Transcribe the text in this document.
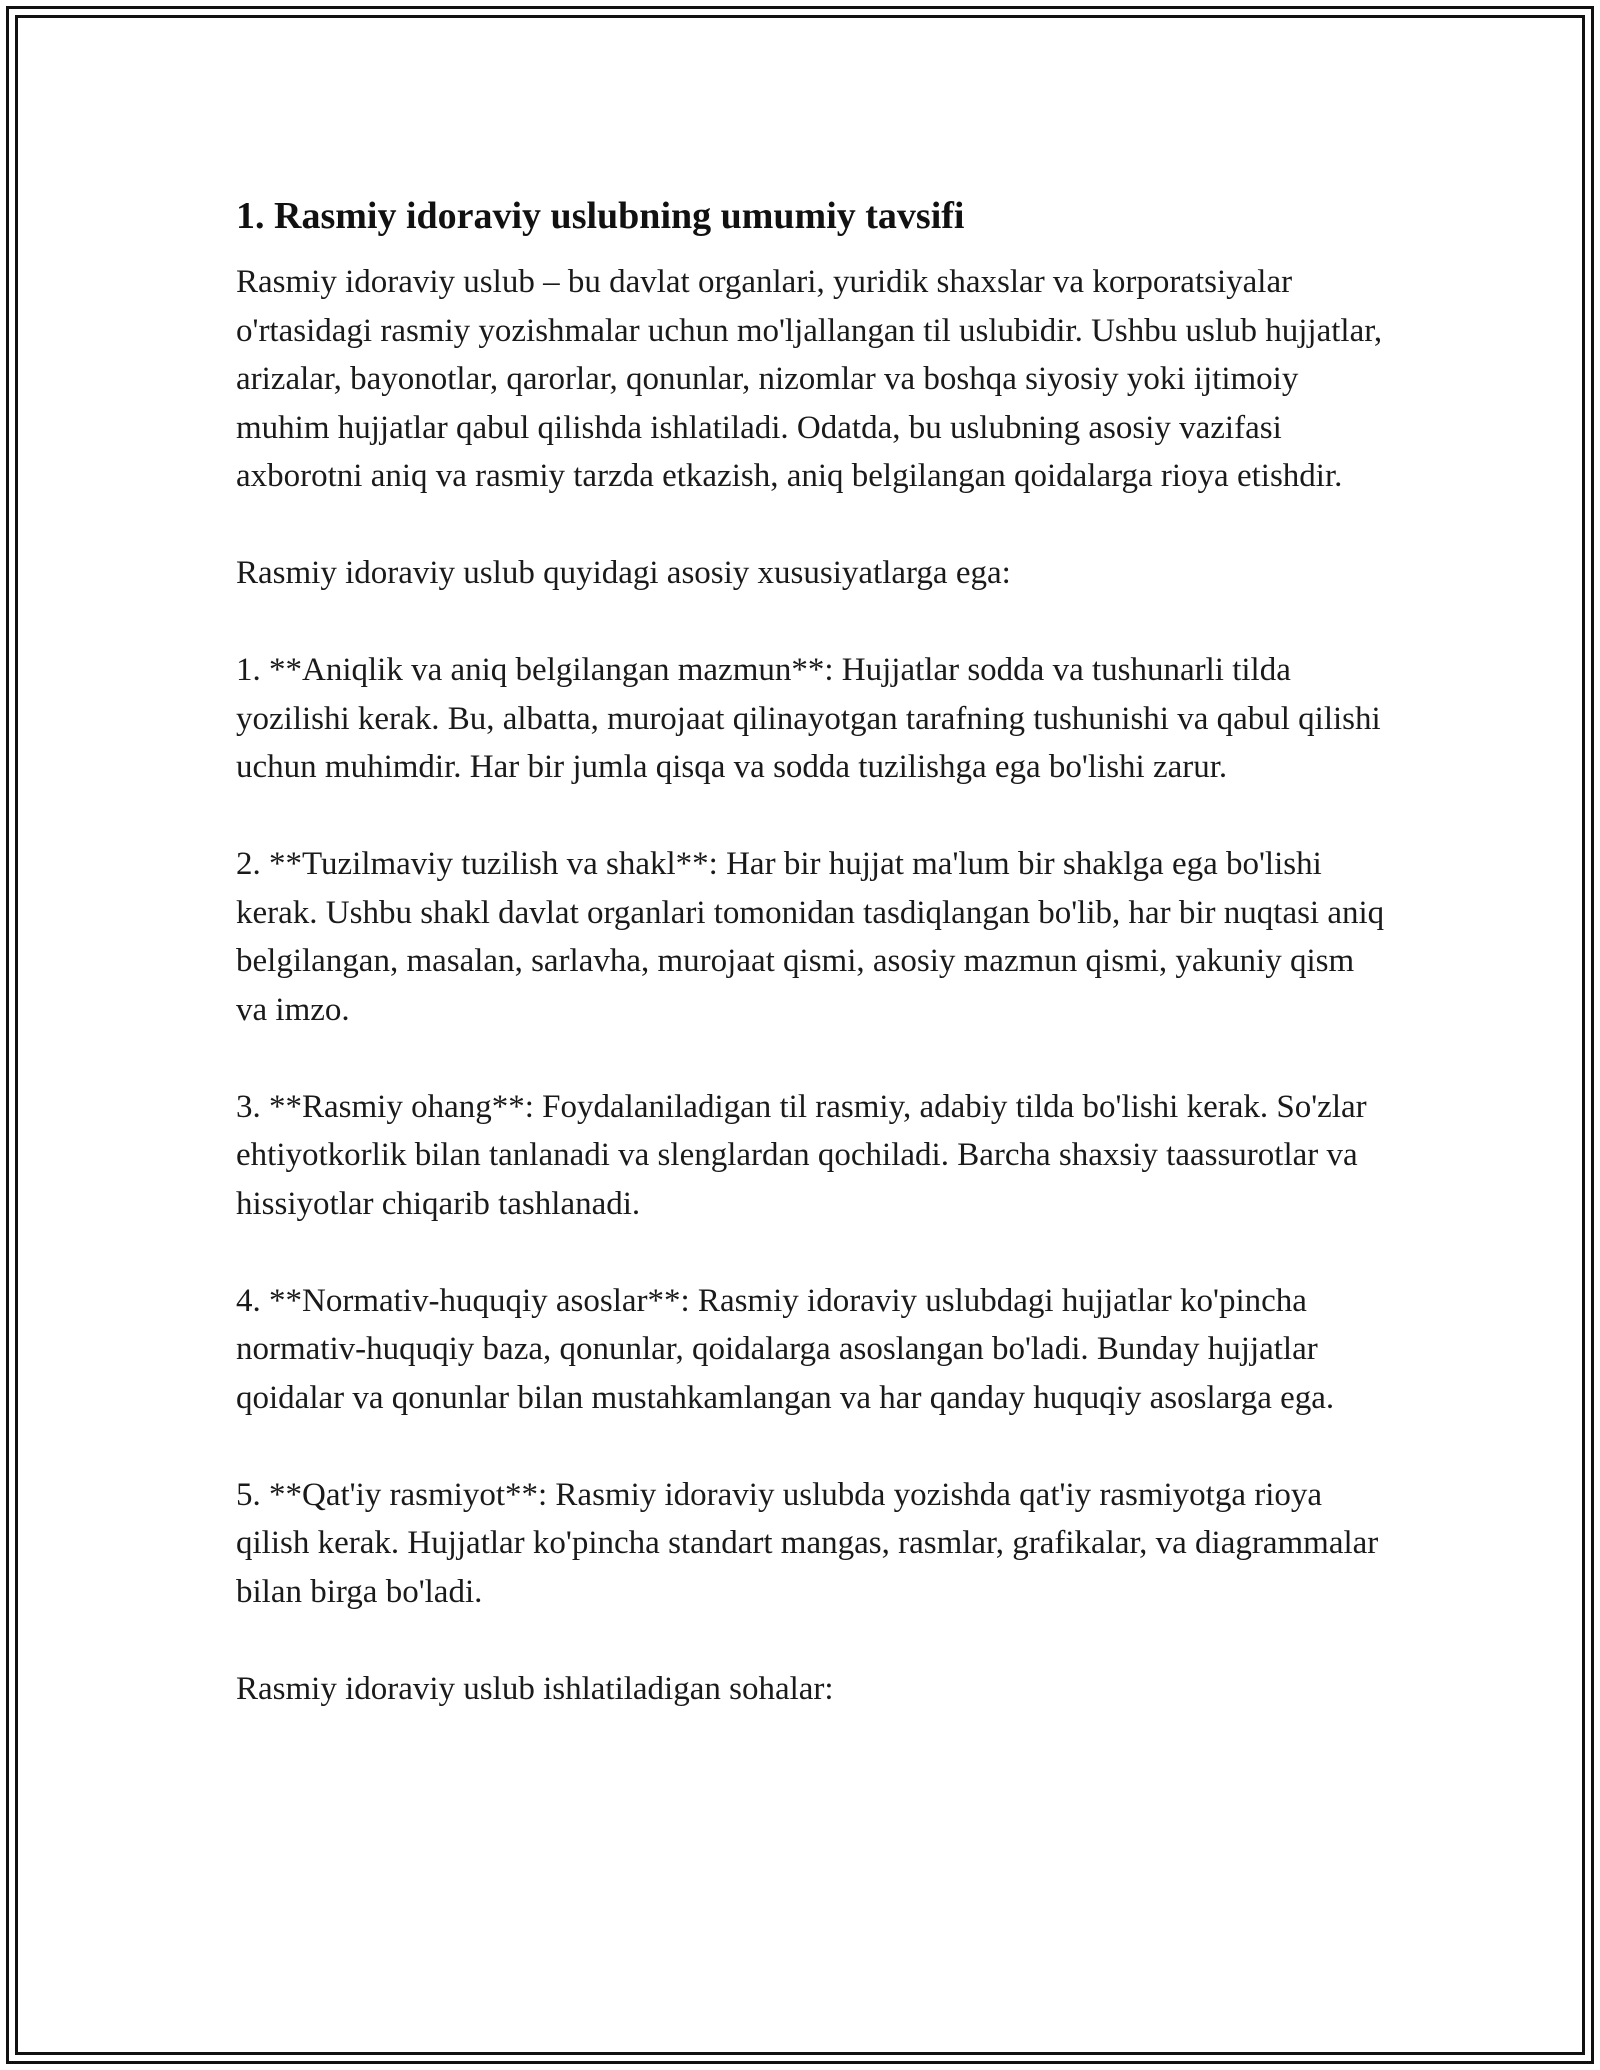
1. Rasmiy idoraviy uslubning umumiy tavsifi

Rasmiy idoraviy uslub – bu davlat organlari, yuridik shaxslar va korporatsiyalar o'rtasidagi rasmiy yozishmalar uchun mo'ljallangan til uslubidir. Ushbu uslub hujjatlar, arizalar, bayonotlar, qarorlar, qonunlar, nizomlar va boshqa siyosiy yoki ijtimoiy muhim hujjatlar qabul qilishda ishlatiladi. Odatda, bu uslubning asosiy vazifasi axborotni aniq va rasmiy tarzda etkazish, aniq belgilangan qoidalarga rioya etishdir.

Rasmiy idoraviy uslub quyidagi asosiy xususiyatlarga ega:

1. **Aniqlik va aniq belgilangan mazmun**: Hujjatlar sodda va tushunarli tilda yozilishi kerak. Bu, albatta, murojaat qilinayotgan tarafning tushunishi va qabul qilishi uchun muhimdir. Har bir jumla qisqa va sodda tuzilishga ega bo'lishi zarur.

2. **Tuzilmaviy tuzilish va shakl**: Har bir hujjat ma'lum bir shaklga ega bo'lishi kerak. Ushbu shakl davlat organlari tomonidan tasdiqlangan bo'lib, har bir nuqtasi aniq belgilangan, masalan, sarlavha, murojaat qismi, asosiy mazmun qismi, yakuniy qism va imzo.

3. **Rasmiy ohang**: Foydalaniladigan til rasmiy, adabiy tilda bo'lishi kerak. So'zlar ehtiyotkorlik bilan tanlanadi va slenglardan qochiladi. Barcha shaxsiy taassurotlar va hissiyotlar chiqarib tashlanadi.

4. **Normativ-huquqiy asoslar**: Rasmiy idoraviy uslubdagi hujjatlar ko'pincha normativ-huquqiy baza, qonunlar, qoidalarga asoslangan bo'ladi. Bunday hujjatlar qoidalar va qonunlar bilan mustahkamlangan va har qanday huquqiy asoslarga ega.

5. **Qat'iy rasmiyot**: Rasmiy idoraviy uslubda yozishda qat'iy rasmiyotga rioya qilish kerak. Hujjatlar ko'pincha standart mangas, rasmlar, grafikalar, va diagrammalar bilan birga bo'ladi.

Rasmiy idoraviy uslub ishlatiladigan sohalar:
